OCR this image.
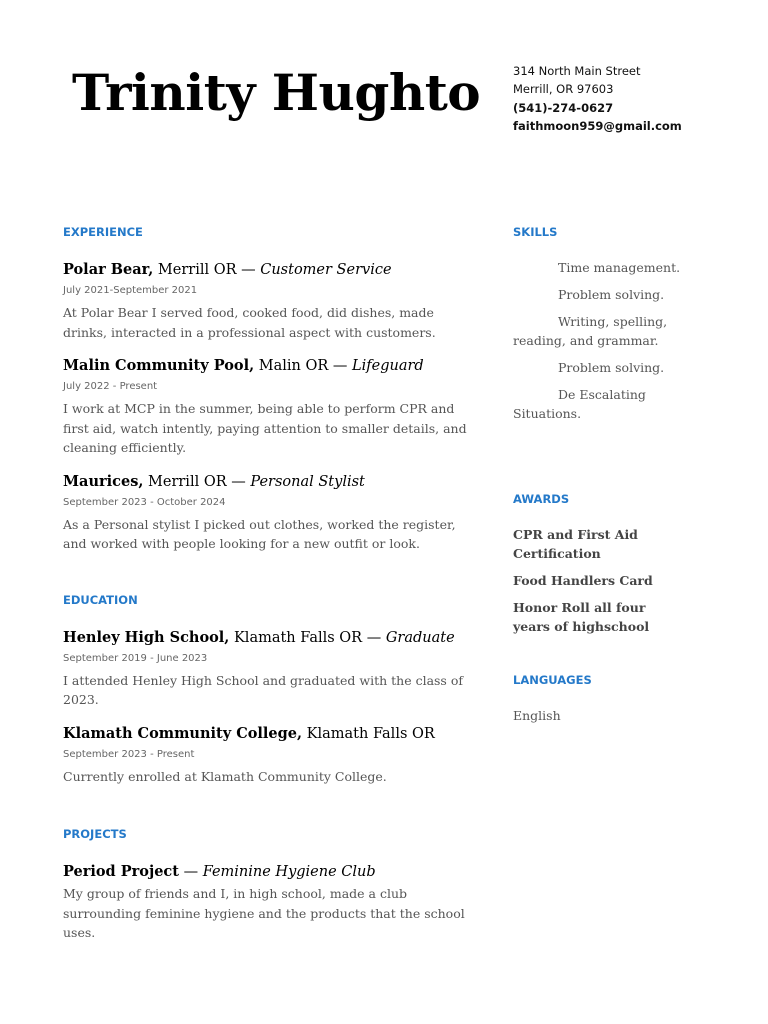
Trinity Hughto	314 North Main Street
Merrill, OR 97603
(541)-274-0627
faithmoon959@gmail.com
EXPERIENCE
Polar Bear, Merrill OR — Customer Service
July 2021-September 2021
At Polar Bear I served food, cooked food, did dishes, made drinks, interacted in a professional aspect with customers.
Malin Community Pool, Malin OR — Lifeguard
July 2022 - Present
I work at MCP in the summer, being able to perform CPR and first aid, watch intently, paying attention to smaller details, and cleaning efficiently.
Maurices, Merrill OR — Personal Stylist
September 2023 - October 2024
As a Personal stylist I picked out clothes, worked the register, and worked with people looking for a new outfit or look.
EDUCATION
Henley High School, Klamath Falls OR — Graduate
September 2019 - June 2023
I attended Henley High School and graduated with the class of 2023.
Klamath Community College, Klamath Falls OR
September 2023 - Present
Currently enrolled at Klamath Community College.
PROJECTS
Period Project — Feminine Hygiene Club
My group of friends and I, in high school, made a club surrounding feminine hygiene and the products that the school uses.
SKILLS
Time management.
Problem solving.
Writing, spelling, reading, and grammar.
Problem solving.
De Escalating Situations.
AWARDS
CPR and First Aid Certification
Food Handlers Card
Honor Roll all four years of highschool
LANGUAGES
English
